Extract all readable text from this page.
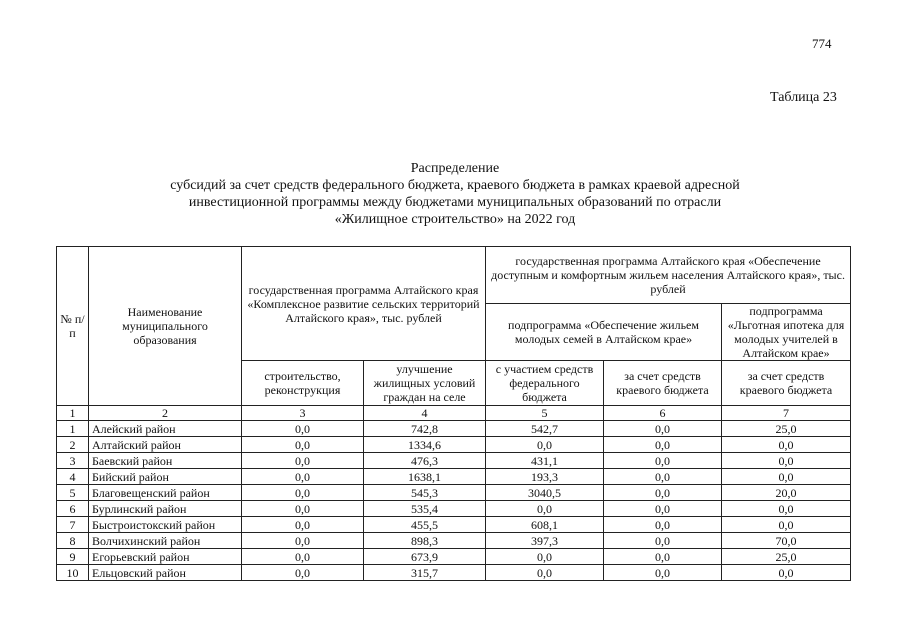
774
Таблица 23
Распределение
субсидий за счет средств федерального бюджета, краевого бюджета в рамках краевой адресной
инвестиционной программы между бюджетами муниципальных образований по отрасли
«Жилищное строительство» на 2022 год
№ п/п	Наименование муниципального образования	государственная программа Алтайского края «Комплексное развитие сельских территорий Алтайского края», тыс. рублей		государственная программа Алтайского края «Обеспечение доступным и комфортным жильем населения Алтайского края», тыс. рублей		
				подпрограмма «Обеспечение жильем молодых семей в Алтайском крае»		подпрограмма «Льготная ипотека для молодых учителей в Алтайском крае»
		строительство, реконструкция	улучшение жилищных условий граждан на селе	с участием средств федерального бюджета	за счет средств краевого бюджета	за счет средств краевого бюджета
1	2	3	4	5	6	7
1	Алейский район	0,0	742,8	542,7	0,0	25,0
2	Алтайский район	0,0	1334,6	0,0	0,0	0,0
3	Баевский район	0,0	476,3	431,1	0,0	0,0
4	Бийский район	0,0	1638,1	193,3	0,0	0,0
5	Благовещенский район	0,0	545,3	3040,5	0,0	20,0
6	Бурлинский район	0,0	535,4	0,0	0,0	0,0
7	Быстроистокский район	0,0	455,5	608,1	0,0	0,0
8	Волчихинский район	0,0	898,3	397,3	0,0	70,0
9	Егорьевский район	0,0	673,9	0,0	0,0	25,0
10	Ельцовский район	0,0	315,7	0,0	0,0	0,0
